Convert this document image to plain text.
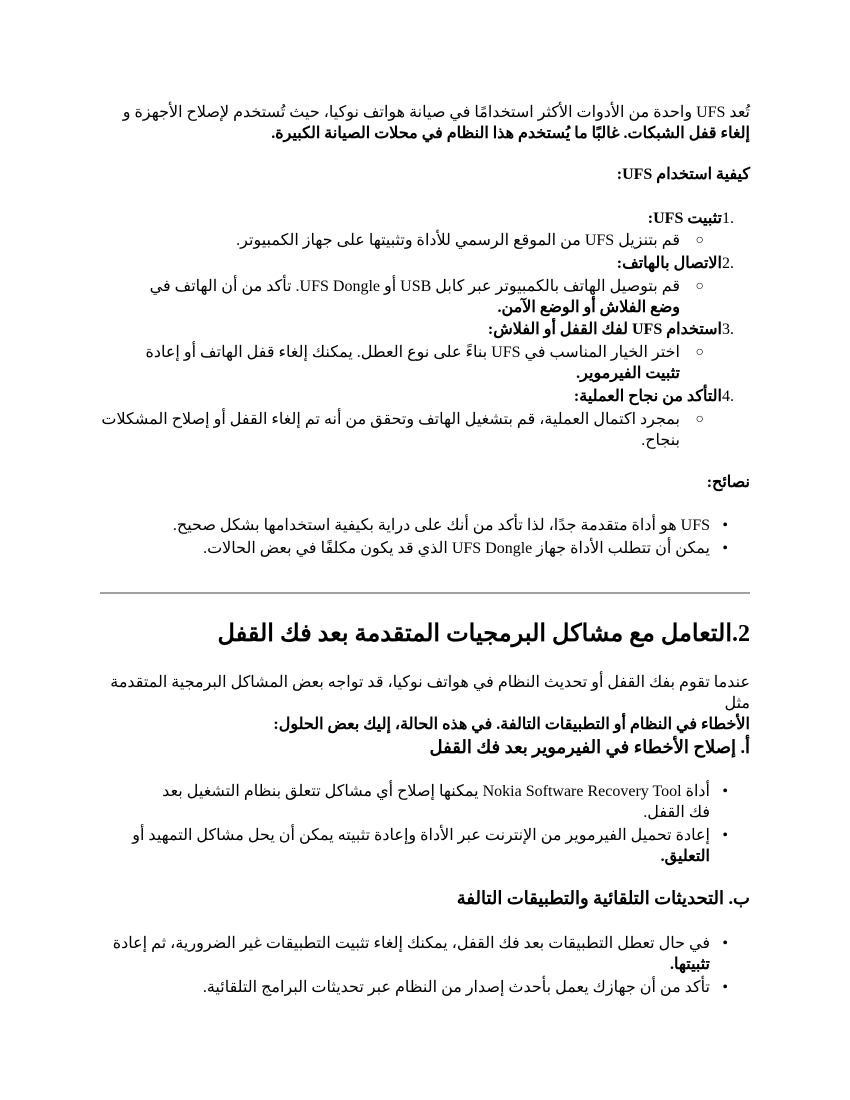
تُعد UFS واحدة من الأدوات الأكثر استخدامًا في صيانة هواتف نوكيا، حيث تُستخدم لإصلاح الأجهزة و
إلغاء قفل الشبكات. غالبًا ما يُستخدم هذا النظام في محلات الصيانة الكبيرة.
كيفية استخدام UFS:
1.
تثبيت UFS:
○
قم بتنزيل UFS من الموقع الرسمي للأداة وتثبيتها على جهاز الكمبيوتر.
2.
الاتصال بالهاتف:
○
قم بتوصيل الهاتف بالكمبيوتر عبر كابل USB أو UFS Dongle. تأكد من أن الهاتف في
وضع الفلاش أو الوضع الآمن.
3.
استخدام UFS لفك القفل أو الفلاش:
○
اختر الخيار المناسب في UFS بناءً على نوع العطل. يمكنك إلغاء قفل الهاتف أو إعادة
تثبيت الفيرموير.
4.
التأكد من نجاح العملية:
○
بمجرد اكتمال العملية، قم بتشغيل الهاتف وتحقق من أنه تم إلغاء القفل أو إصلاح المشكلات
بنجاح.
نصائح:
•
UFS هو أداة متقدمة جدًا، لذا تأكد من أنك على دراية بكيفية استخدامها بشكل صحيح.
•
يمكن أن تتطلب الأداة جهاز UFS Dongle الذي قد يكون مكلفًا في بعض الحالات.
2.التعامل مع مشاكل البرمجيات المتقدمة بعد فك القفل
عندما تقوم بفك القفل أو تحديث النظام في هواتف نوكيا، قد تواجه بعض المشاكل البرمجية المتقدمة مثل
الأخطاء في النظام أو التطبيقات التالفة. في هذه الحالة، إليك بعض الحلول:
أ. إصلاح الأخطاء في الفيرموير بعد فك القفل
•
أداة Nokia Software Recovery Tool يمكنها إصلاح أي مشاكل تتعلق بنظام التشغيل بعد
فك القفل.
•
إعادة تحميل الفيرموير من الإنترنت عبر الأداة وإعادة تثبيته يمكن أن يحل مشاكل التمهيد أو
التعليق.
ب. التحديثات التلقائية والتطبيقات التالفة
•
في حال تعطل التطبيقات بعد فك القفل، يمكنك إلغاء تثبيت التطبيقات غير الضرورية، ثم إعادة
تثبيتها.
•
تأكد من أن جهازك يعمل بأحدث إصدار من النظام عبر تحديثات البرامج التلقائية.
